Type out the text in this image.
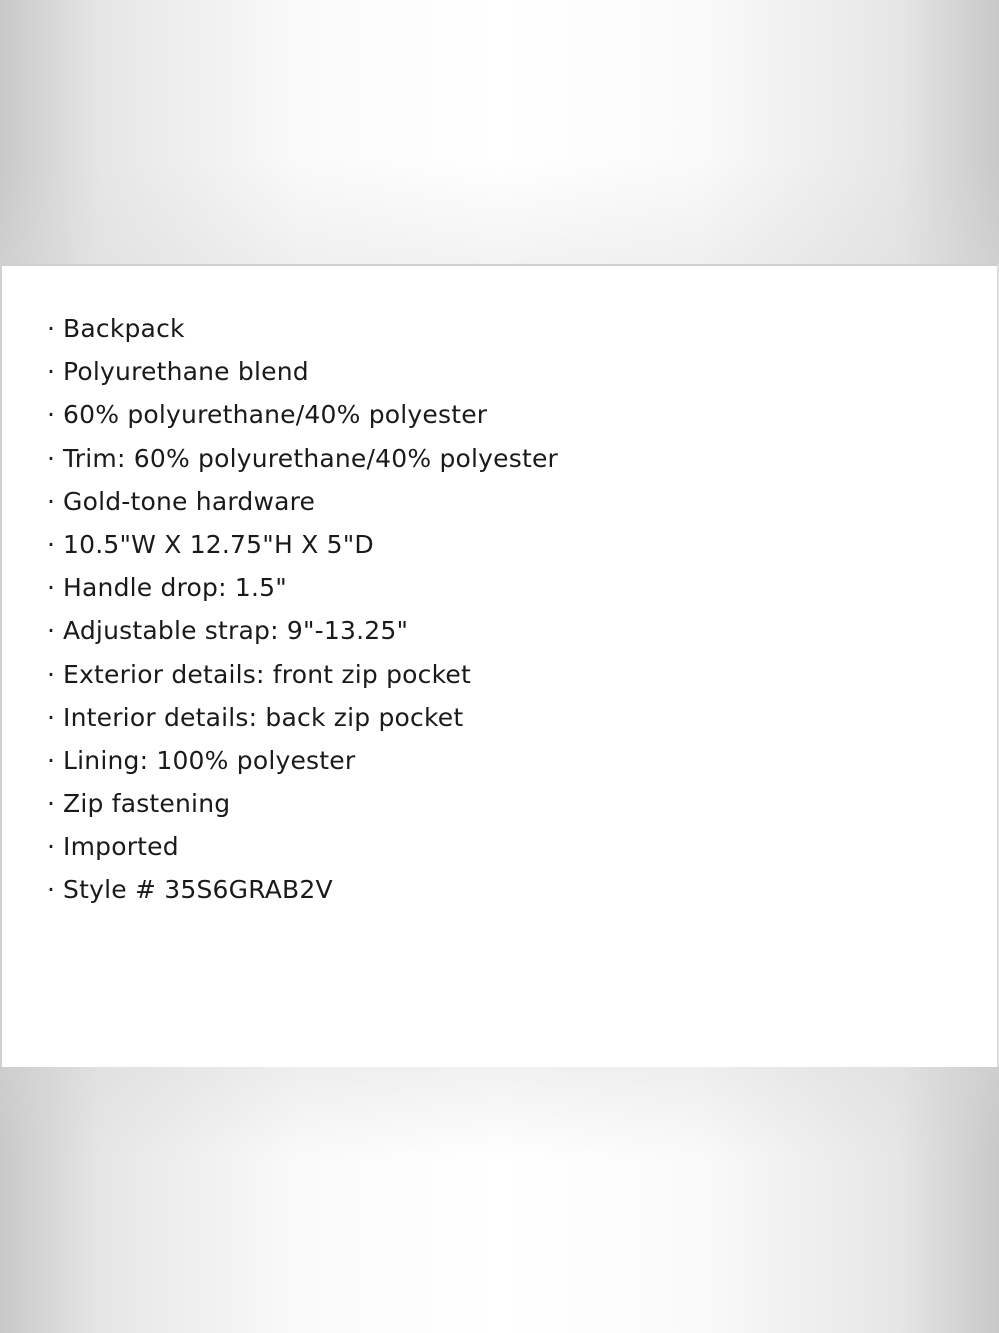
· Backpack
· Polyurethane blend
· 60% polyurethane/40% polyester
· Trim: 60% polyurethane/40% polyester
· Gold-tone hardware
· 10.5"W X 12.75"H X 5"D
· Handle drop: 1.5"
· Adjustable strap: 9"-13.25"
· Exterior details: front zip pocket
· Interior details: back zip pocket
· Lining: 100% polyester
· Zip fastening
· Imported
· Style # 35S6GRAB2V
